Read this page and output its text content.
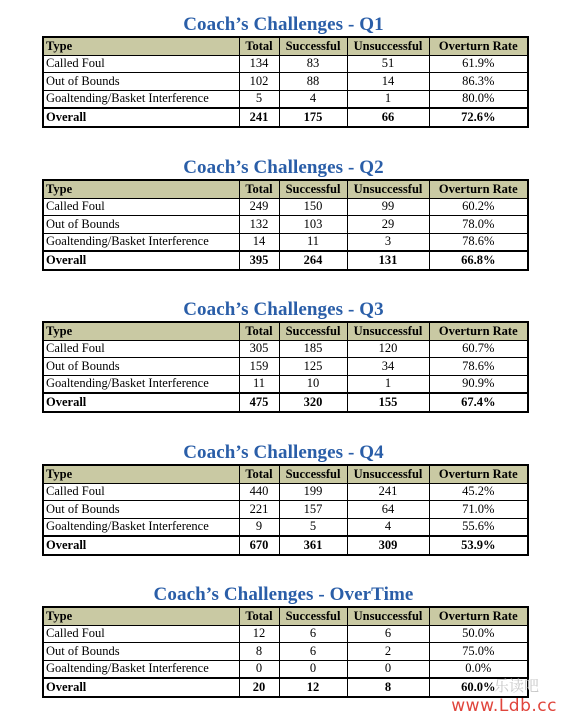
Coach’s Challenges - Q1
Type	Total	Successful	Unsuccessful	Overturn Rate
Called Foul	134	83	51	61.9%
Out of Bounds	102	88	14	86.3%
Goaltending/Basket Interference	5	4	1	80.0%
Overall	241	175	66	72.6%
Coach’s Challenges - Q2
Type	Total	Successful	Unsuccessful	Overturn Rate
Called Foul	249	150	99	60.2%
Out of Bounds	132	103	29	78.0%
Goaltending/Basket Interference	14	11	3	78.6%
Overall	395	264	131	66.8%
Coach’s Challenges - Q3
Type	Total	Successful	Unsuccessful	Overturn Rate
Called Foul	305	185	120	60.7%
Out of Bounds	159	125	34	78.6%
Goaltending/Basket Interference	11	10	1	90.9%
Overall	475	320	155	67.4%
Coach’s Challenges - Q4
Type	Total	Successful	Unsuccessful	Overturn Rate
Called Foul	440	199	241	45.2%
Out of Bounds	221	157	64	71.0%
Goaltending/Basket Interference	9	5	4	55.6%
Overall	670	361	309	53.9%
Coach’s Challenges - OverTime
Type	Total	Successful	Unsuccessful	Overturn Rate
Called Foul	12	6	6	50.0%
Out of Bounds	8	6	2	75.0%
Goaltending/Basket Interference	0	0	0	0.0%
Overall	20	12	8	60.0%
乐读吧
www.Ldb.cc
